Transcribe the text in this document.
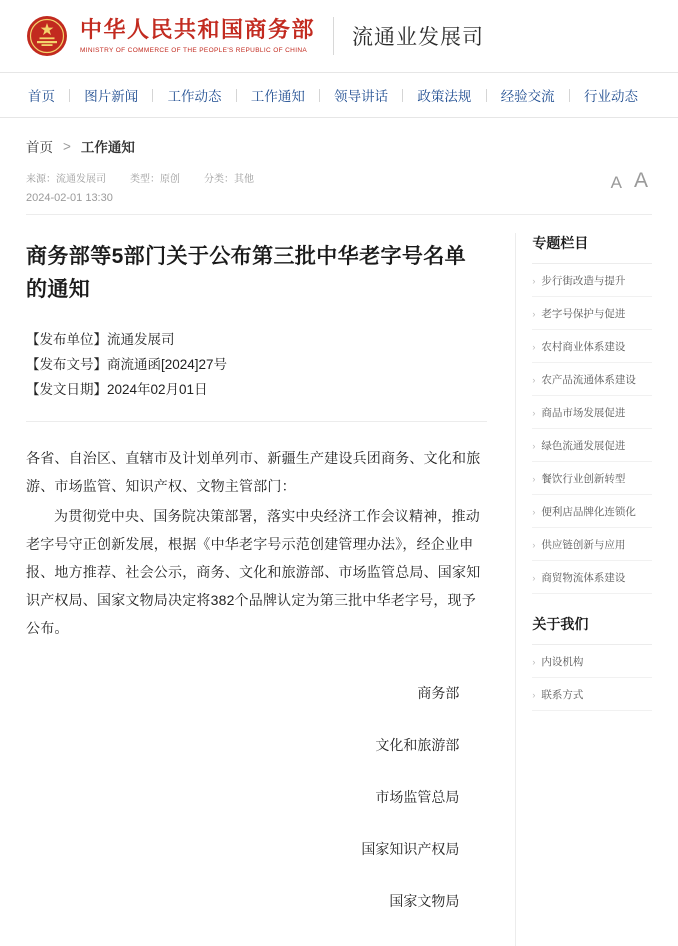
中华人民共和国商务部
MINISTRY OF COMMERCE OF THE PEOPLE'S REPUBLIC OF CHINA
流通业发展司
首页 图片新闻 工作动态 工作通知 领导讲话 政策法规 经验交流 行业动态
首页 > 工作通知
来源：流通发展司 类型：原创 分类：其他
2024-02-01 13:30
A A
商务部等5部门关于公布第三批中华老字号名单的通知
【发布单位】流通发展司
【发布文号】商流通函[2024]27号
【发文日期】2024年02月01日

各省、自治区、直辖市及计划单列市、新疆生产建设兵团商务、文化和旅游、市场监管、知识产权、文物主管部门：

为贯彻党中央、国务院决策部署，落实中央经济工作会议精神，推动老字号守正创新发展，根据《中华老字号示范创建管理办法》，经企业申报、地方推荐、社会公示，商务、文化和旅游部、市场监管总局、国家知识产权局、国家文物局决定将382个品牌认定为第三批中华老字号，现予公布。

商务部
文化和旅游部
市场监管总局
国家知识产权局
国家文物局
专题栏目
› 步行街改造与提升
› 老字号保护与促进
› 农村商业体系建设
› 农产品流通体系建设
› 商品市场发展促进
› 绿色流通发展促进
› 餐饮行业创新转型
› 便利店品牌化连锁化
› 供应链创新与应用
› 商贸物流体系建设
关于我们
› 内设机构
› 联系方式
